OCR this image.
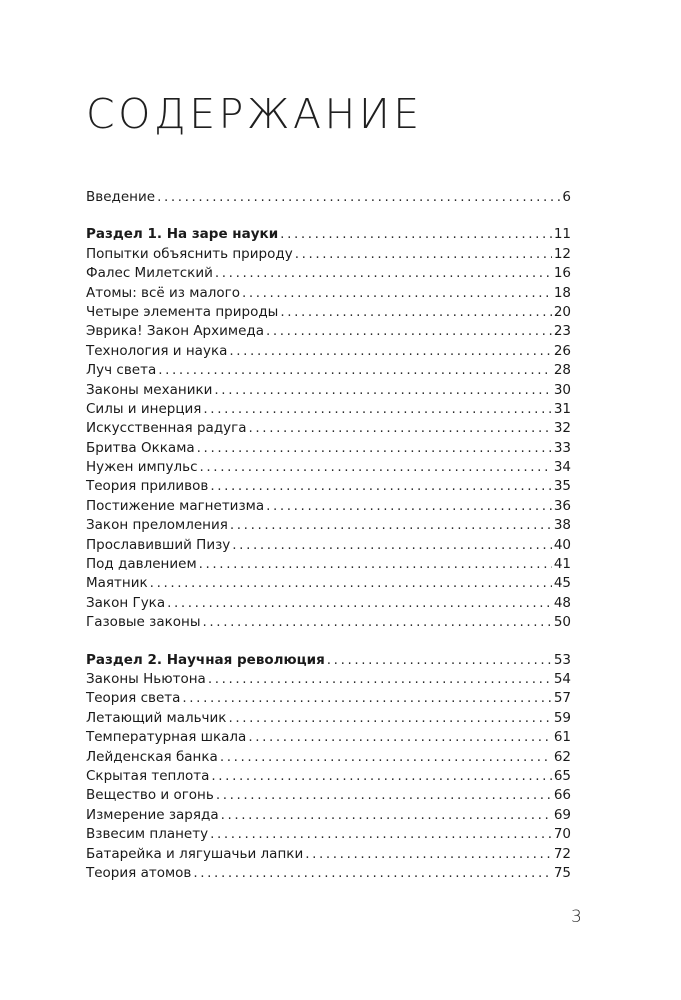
СОДЕРЖАНИЕ
Введение .....	6
Раздел 1. На заре науки .....	11
Попытки объяснить природу .....	12
Фалес Милетский .....	16
Атомы: всё из малого .....	18
Четыре элемента природы .....	20
Эврика! Закон Архимеда .....	23
Технология и наука .....	26
Луч света .....	28
Законы механики .....	30
Силы и инерция .....	31
Искусственная радуга .....	32
Бритва Оккама .....	33
Нужен импульс .....	34
Теория приливов .....	35
Постижение магнетизма .....	36
Закон преломления .....	38
Прославивший Пизу .....	40
Под давлением .....	41
Маятник .....	45
Закон Гука .....	48
Газовые законы .....	50
Раздел 2. Научная революция .....	53
Законы Ньютона .....	54
Теория света .....	57
Летающий мальчик .....	59
Температурная шкала .....	61
Лейденская банка .....	62
Скрытая теплота .....	65
Вещество и огонь .....	66
Измерение заряда .....	69
Взвесим планету .....	70
Батарейка и лягушачьи лапки .....	72
Теория атомов .....	75
3
